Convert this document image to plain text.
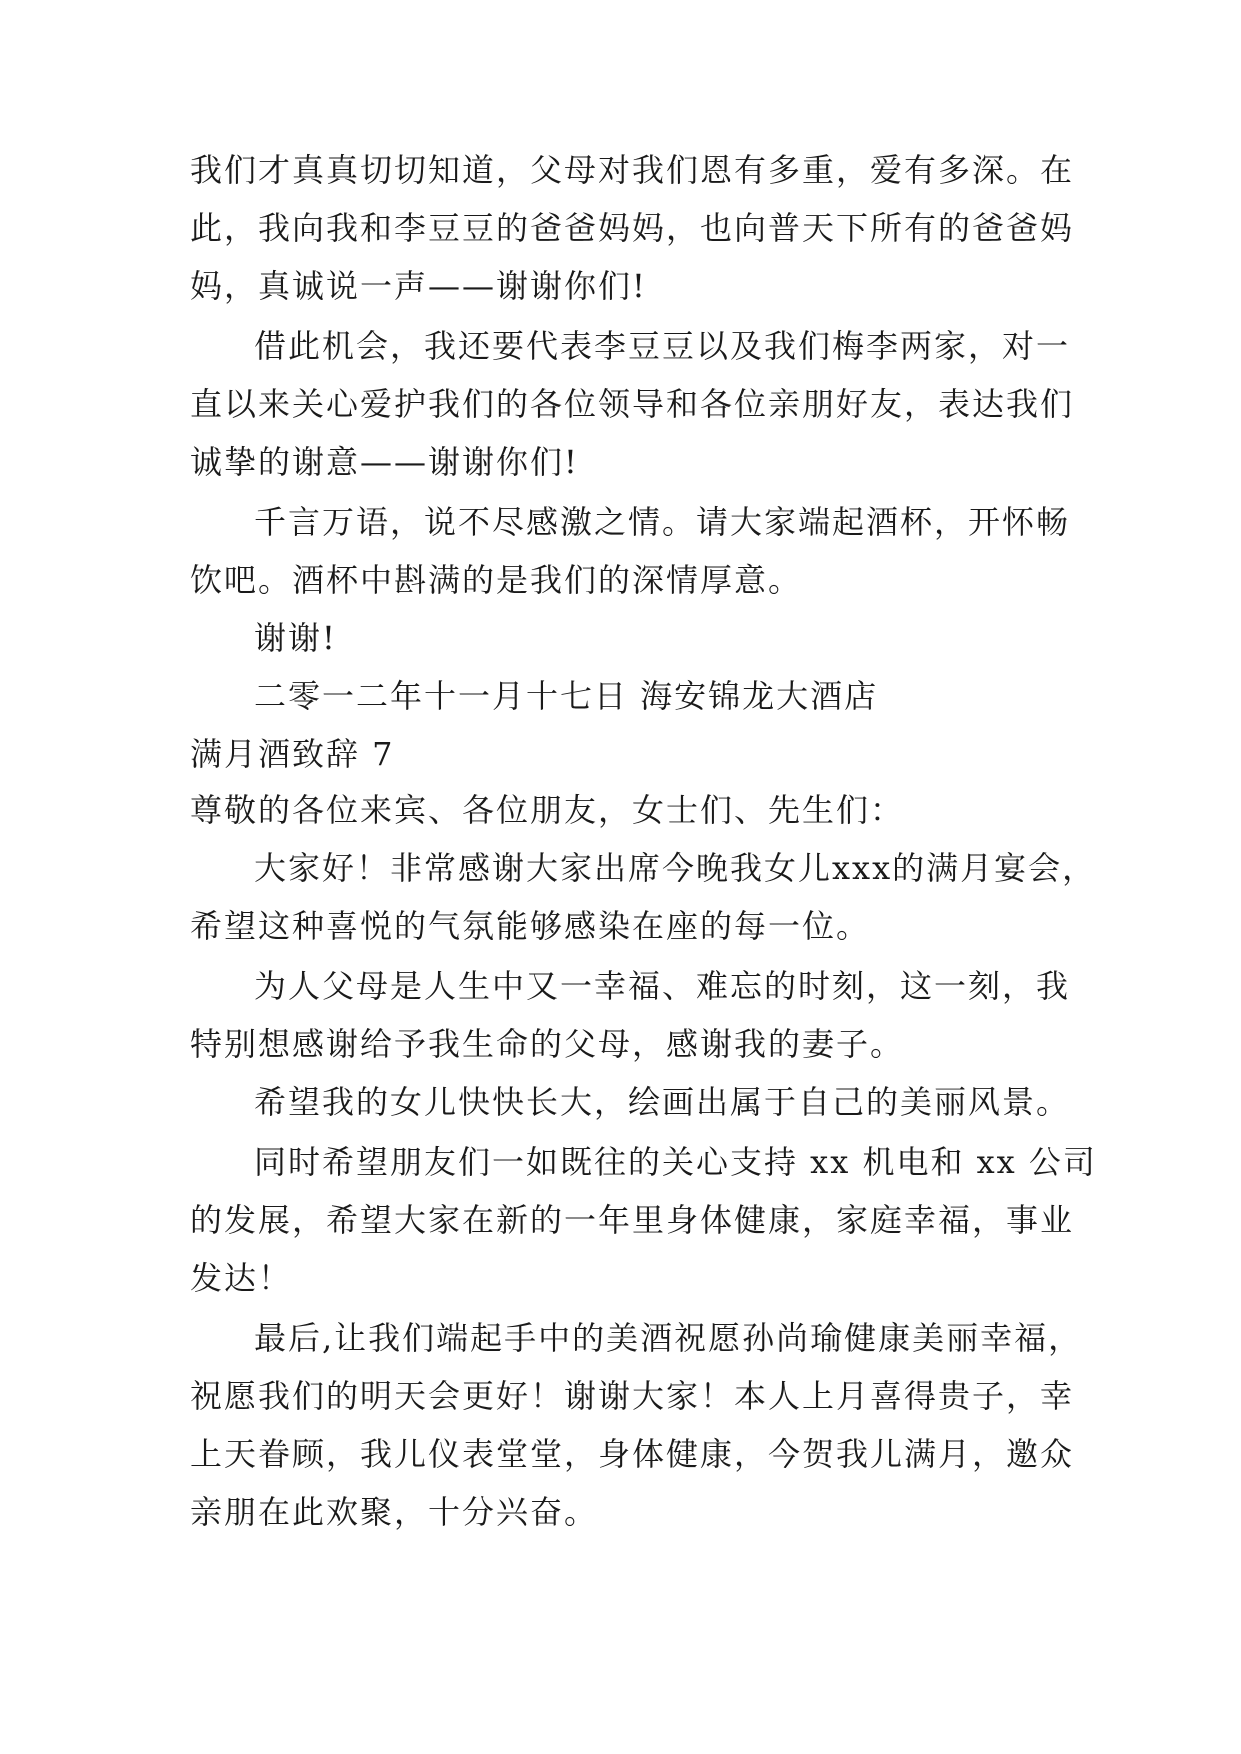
我们才真真切切知道，父母对我们恩有多重，爱有多深。在
此，我向我和李豆豆的爸爸妈妈，也向普天下所有的爸爸妈
妈，真诚说一声——谢谢你们!
借此机会，我还要代表李豆豆以及我们梅李两家，对一
直以来关心爱护我们的各位领导和各位亲朋好友，表达我们
诚挚的谢意——谢谢你们!
千言万语，说不尽感激之情。请大家端起酒杯，开怀畅
饮吧。酒杯中斟满的是我们的深情厚意。
谢谢!
二零一二年十一月十七日 海安锦龙大酒店
满月酒致辞 7
尊敬的各位来宾、各位朋友，女士们、先生们：
大家好！非常感谢大家出席今晚我女儿xxx的满月宴会，
希望这种喜悦的气氛能够感染在座的每一位。
为人父母是人生中又一幸福、难忘的时刻，这一刻，我
特别想感谢给予我生命的父母，感谢我的妻子。
希望我的女儿快快长大，绘画出属于自己的美丽风景。
同时希望朋友们一如既往的关心支持 xx 机电和 xx 公司
的发展，希望大家在新的一年里身体健康，家庭幸福，事业
发达！
最后,让我们端起手中的美酒祝愿孙尚瑜健康美丽幸福，
祝愿我们的明天会更好！谢谢大家！本人上月喜得贵子，幸
上天眷顾，我儿仪表堂堂，身体健康，今贺我儿满月，邀众
亲朋在此欢聚，十分兴奋。
